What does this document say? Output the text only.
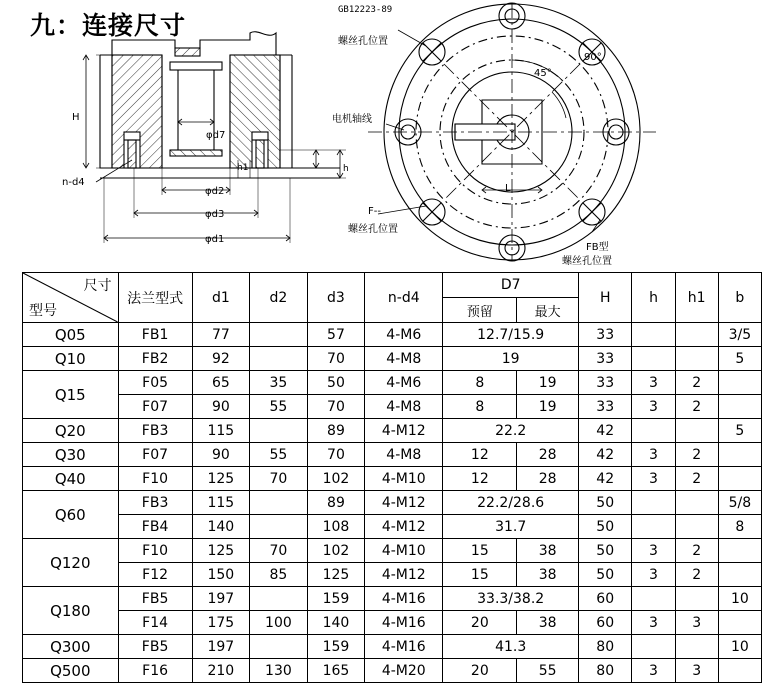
九：连接尺寸
H
φd7
n-d4
φd2
φd3
φd1
h1	h
GB12223-89
螺丝孔位置
电机轴线
45°
90°
L
F--
螺丝孔位置
FB型
螺丝孔位置
尺寸
型号	法兰型式	d1	d2	d3	n-d4	D7		H	h	h1	b
						预留	最大				
Q05	FB1	77		57	4-M6	12.7/15.9		33			3/5
Q10	FB2	92		70	4-M8	19		33			5
Q15	F05	65	35	50	4-M6	8	19	33	3	2	
	F07	90	55	70	4-M8	8	19	33	3	2	
Q20	FB3	115		89	4-M12	22.2		42			5
Q30	F07	90	55	70	4-M8	12	28	42	3	2	
Q40	F10	125	70	102	4-M10	12	28	42	3	2	
Q60	FB3	115		89	4-M12	22.2/28.6		50			5/8
	FB4	140		108	4-M12	31.7		50			8
Q120	F10	125	70	102	4-M10	15	38	50	3	2	
	F12	150	85	125	4-M12	15	38	50	3	2	
Q180	FB5	197		159	4-M16	33.3/38.2		60			10
	F14	175	100	140	4-M16	20	38	60	3	3	
Q300	FB5	197		159	4-M16	41.3		80			10
Q500	F16	210	130	165	4-M20	20	55	80	3	3	
